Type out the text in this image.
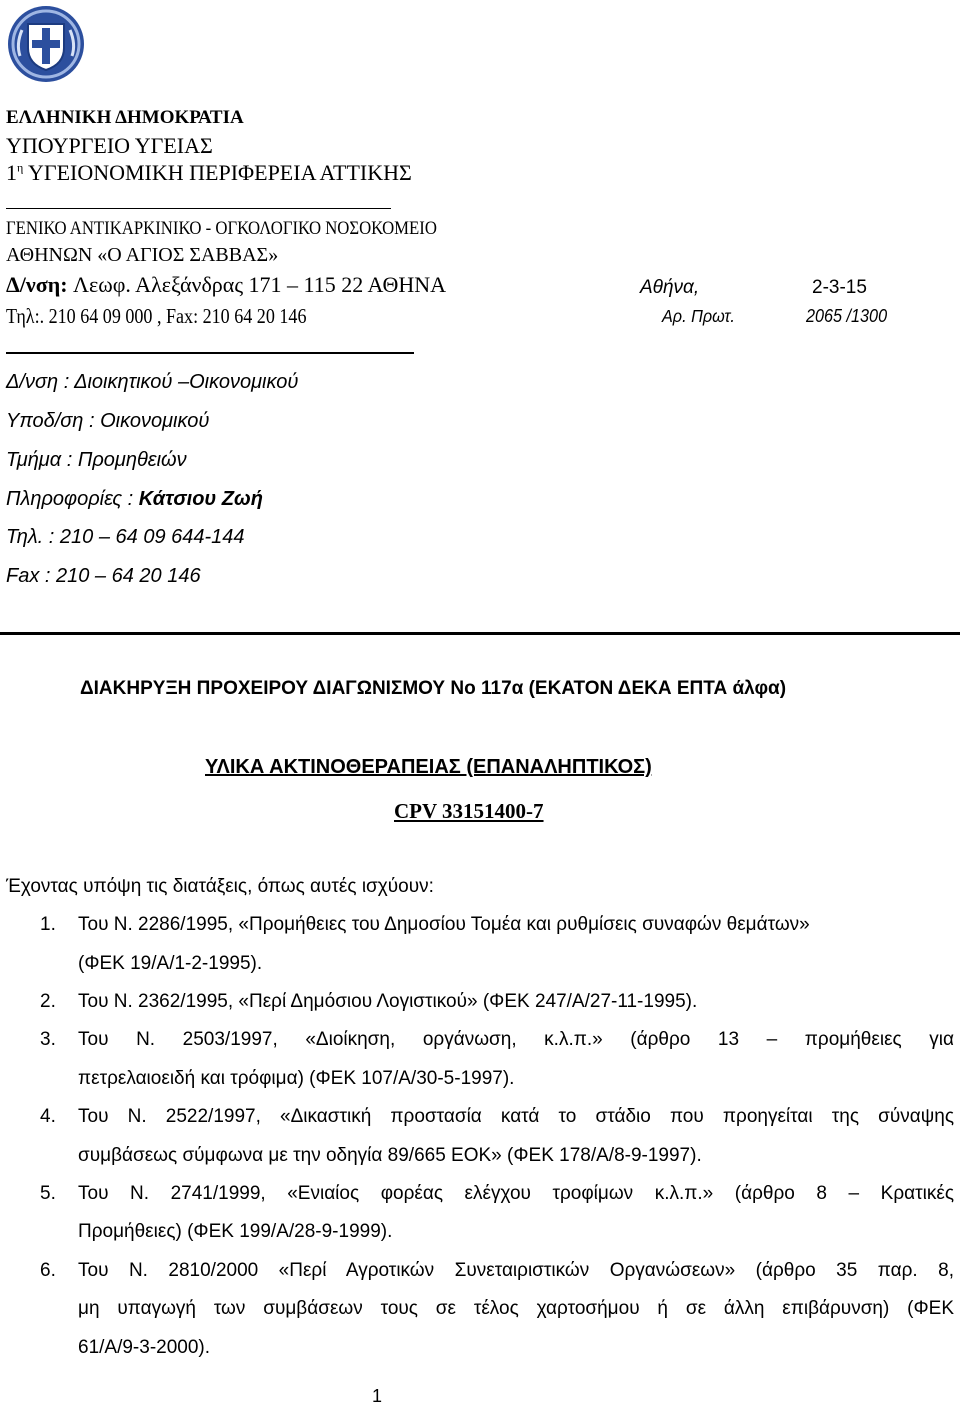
ΕΛΛΗΝΙΚΗ ΔΗΜΟΚΡΑΤΙΑ
ΥΠΟΥΡΓΕΙΟ ΥΓΕΙΑΣ
$1^\eta$ ΥΓΕΙΟΝΟΜΙΚΗ ΠΕΡΙΦΕΡΕΙΑ ΑΤΤΙΚΗΣ
ΓΕΝΙΚΟ ΑΝΤΙΚΑΡΚΙΝΙΚΟ - ΟΓΚΟΛΟΓΙΚΟ ΝΟΣΟΚΟΜΕΙΟ
ΑΘΗΝΩΝ «Ο ΑΓΙΟΣ ΣΑΒΒΑΣ»
Δ/νση: Λεωφ. Αλεξάνδρας 171 – 115 22 ΑΘΗΝΑ
Τηλ:. 210 64 09 000 , Fax: 210 64 20 146
Αθήνα,	2-3-15
Αρ. Πρωτ.	2065 /1300
Δ/νση : Διοικητικού –Οικονομικού
Υποδ/ση : Οικονομικού
Τμήμα : Προμηθειών
Πληροφορίες : Κάτσιου Ζωή
Τηλ. : 210 – 64 09 644-144
Fax : 210 – 64 20 146
ΔΙΑΚΗΡΥΞΗ ΠΡΟΧΕΙΡΟΥ ΔΙΑΓΩΝΙΣΜΟΥ Νο 117α (ΕΚΑΤΟΝ ΔΕΚΑ ΕΠΤΑ άλφα)
ΥΛΙΚΑ ΑΚΤΙΝΟΘΕΡΑΠΕΙΑΣ (ΕΠΑΝΑΛΗΠΤΙΚΟΣ)
CPV 33151400-7
Έχοντας υπόψη τις διατάξεις, όπως αυτές ισχύουν:
1. Του Ν. 2286/1995, «Προμήθειες του Δημοσίου Τομέα και ρυθμίσεις συναφών θεμάτων»
(ΦΕΚ 19/Α/1-2-1995).
2. Του Ν. 2362/1995, «Περί Δημόσιου Λογιστικού» (ΦΕΚ 247/Α/27-11-1995).
3. Του Ν. 2503/1997, «Διοίκηση, οργάνωση, κ.λ.π.» (άρθρο 13 – προμήθειες για
πετρελαιοειδή και τρόφιμα) (ΦΕΚ 107/Α/30-5-1997).
4. Του Ν. 2522/1997, «Δικαστική προστασία κατά το στάδιο που προηγείται της σύναψης
συμβάσεως σύμφωνα με την οδηγία 89/665 ΕΟΚ» (ΦΕΚ 178/Α/8-9-1997).
5. Του Ν. 2741/1999, «Ενιαίος φορέας ελέγχου τροφίμων κ.λ.π.» (άρθρο 8 – Κρατικές
Προμήθειες) (ΦΕΚ 199/Α/28-9-1999).
6. Του Ν. 2810/2000 «Περί Αγροτικών Συνεταιριστικών Οργανώσεων» (άρθρο 35 παρ. 8,
μη υπαγωγή των συμβάσεων τους σε τέλος χαρτοσήμου ή σε άλλη επιβάρυνση) (ΦΕΚ
61/Α/9-3-2000).
1
